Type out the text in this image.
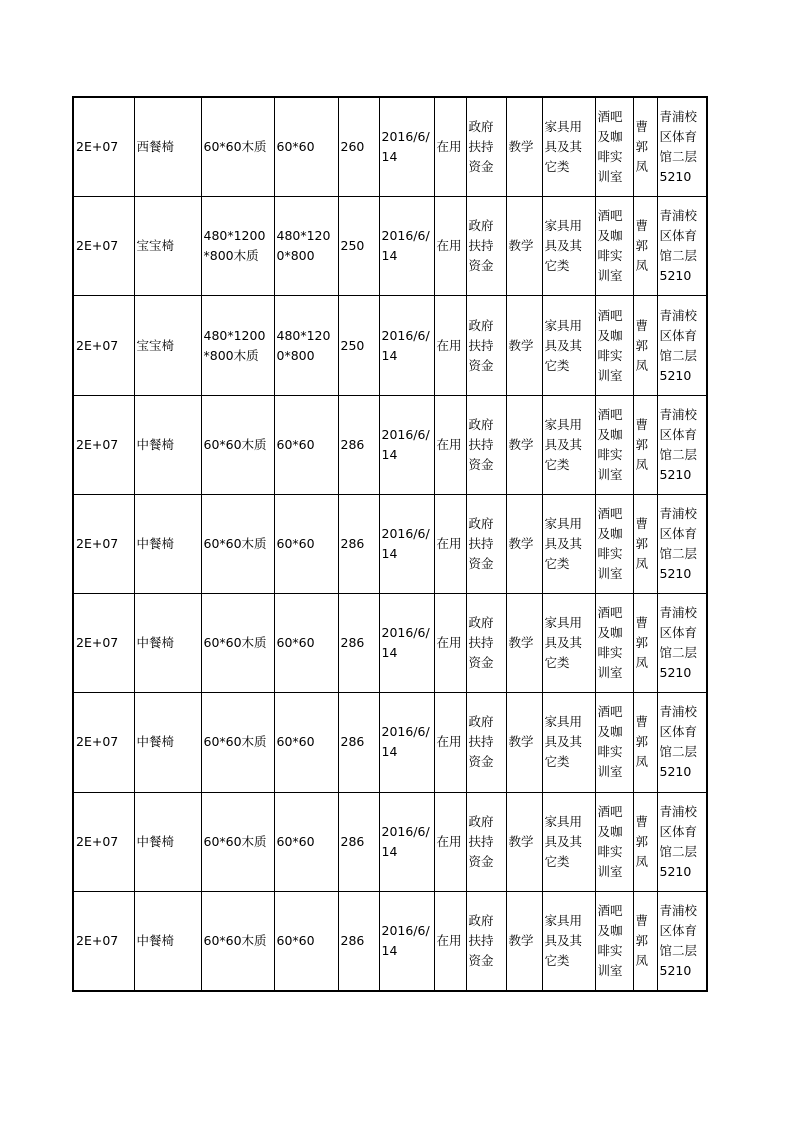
2E+07	西餐椅	60*60木质	60*60	260	2016/6/14	在用	政府扶持资金	教学	家具用具及其它类	酒吧及咖啡实训室	曹郭凤	青浦校区体育馆二层5210
2E+07	宝宝椅	480*1200*800木质	480*1200*800	250	2016/6/14	在用	政府扶持资金	教学	家具用具及其它类	酒吧及咖啡实训室	曹郭凤	青浦校区体育馆二层5210
2E+07	宝宝椅	480*1200*800木质	480*1200*800	250	2016/6/14	在用	政府扶持资金	教学	家具用具及其它类	酒吧及咖啡实训室	曹郭凤	青浦校区体育馆二层5210
2E+07	中餐椅	60*60木质	60*60	286	2016/6/14	在用	政府扶持资金	教学	家具用具及其它类	酒吧及咖啡实训室	曹郭凤	青浦校区体育馆二层5210
2E+07	中餐椅	60*60木质	60*60	286	2016/6/14	在用	政府扶持资金	教学	家具用具及其它类	酒吧及咖啡实训室	曹郭凤	青浦校区体育馆二层5210
2E+07	中餐椅	60*60木质	60*60	286	2016/6/14	在用	政府扶持资金	教学	家具用具及其它类	酒吧及咖啡实训室	曹郭凤	青浦校区体育馆二层5210
2E+07	中餐椅	60*60木质	60*60	286	2016/6/14	在用	政府扶持资金	教学	家具用具及其它类	酒吧及咖啡实训室	曹郭凤	青浦校区体育馆二层5210
2E+07	中餐椅	60*60木质	60*60	286	2016/6/14	在用	政府扶持资金	教学	家具用具及其它类	酒吧及咖啡实训室	曹郭凤	青浦校区体育馆二层5210
2E+07	中餐椅	60*60木质	60*60	286	2016/6/14	在用	政府扶持资金	教学	家具用具及其它类	酒吧及咖啡实训室	曹郭凤	青浦校区体育馆二层5210
